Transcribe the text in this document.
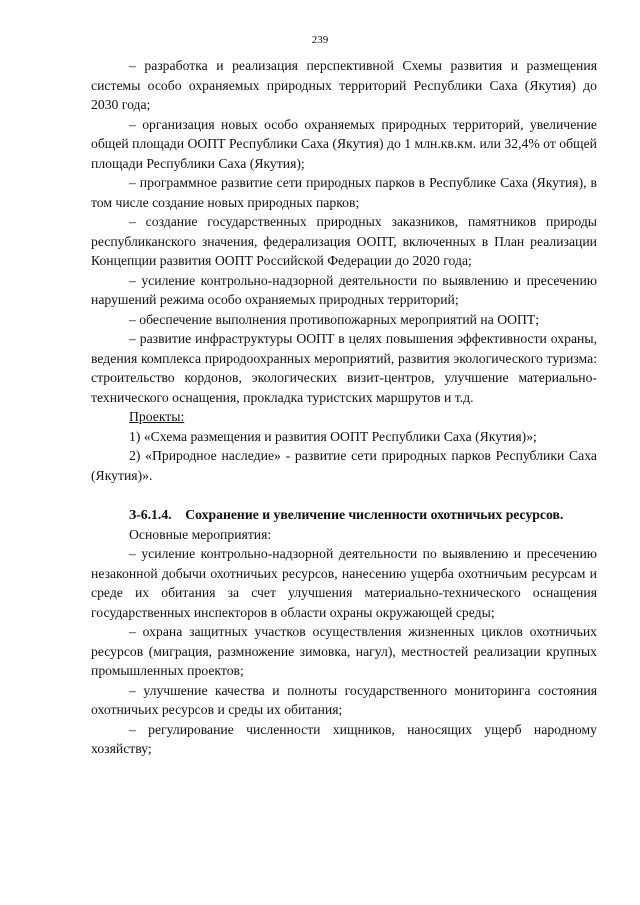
239

– разработка и реализация перспективной Схемы развития и размещения системы особо охраняемых природных территорий Республики Саха (Якутия) до 2030 года;

– организация новых особо охраняемых природных территорий, увеличение общей площади ООПТ Республики Саха (Якутия) до 1 млн.кв.км. или 32,4% от общей площади Республики Саха (Якутия);

– программное развитие сети природных парков в Республике Саха (Якутия), в том числе создание новых природных парков;

– создание государственных природных заказников, памятников природы республиканского значения, федерализация ООПТ, включенных в План реализации Концепции развития ООПТ Российской Федерации до 2020 года;

– усиление контрольно-надзорной деятельности по выявлению и пресечению нарушений режима особо охраняемых природных территорий;

– обеспечение выполнения противопожарных мероприятий на ООПТ;

– развитие инфраструктуры ООПТ в целях повышения эффективности охраны, ведения комплекса природоохранных мероприятий, развития экологического туризма: строительство кордонов, экологических визит-центров, улучшение материально-технического оснащения, прокладка туристских маршрутов и т.д.

Проекты:

1) «Схема размещения и развития ООПТ Республики Саха (Якутия)»;

2) «Природное наследие» - развитие сети природных парков Республики Саха (Якутия)».

З-6.1.4. Сохранение и увеличение численности охотничьих ресурсов.

Основные мероприятия:

– усиление контрольно-надзорной деятельности по выявлению и пресечению незаконной добычи охотничьих ресурсов, нанесению ущерба охотничьим ресурсам и среде их обитания за счет улучшения материально-технического оснащения государственных инспекторов в области охраны окружающей среды;

– охрана защитных участков осуществления жизненных циклов охотничьих ресурсов (миграция, размножение зимовка, нагул), местностей реализации крупных промышленных проектов;

– улучшение качества и полноты государственного мониторинга состояния охотничьих ресурсов и среды их обитания;

– регулирование численности хищников, наносящих ущерб народному хозяйству;
